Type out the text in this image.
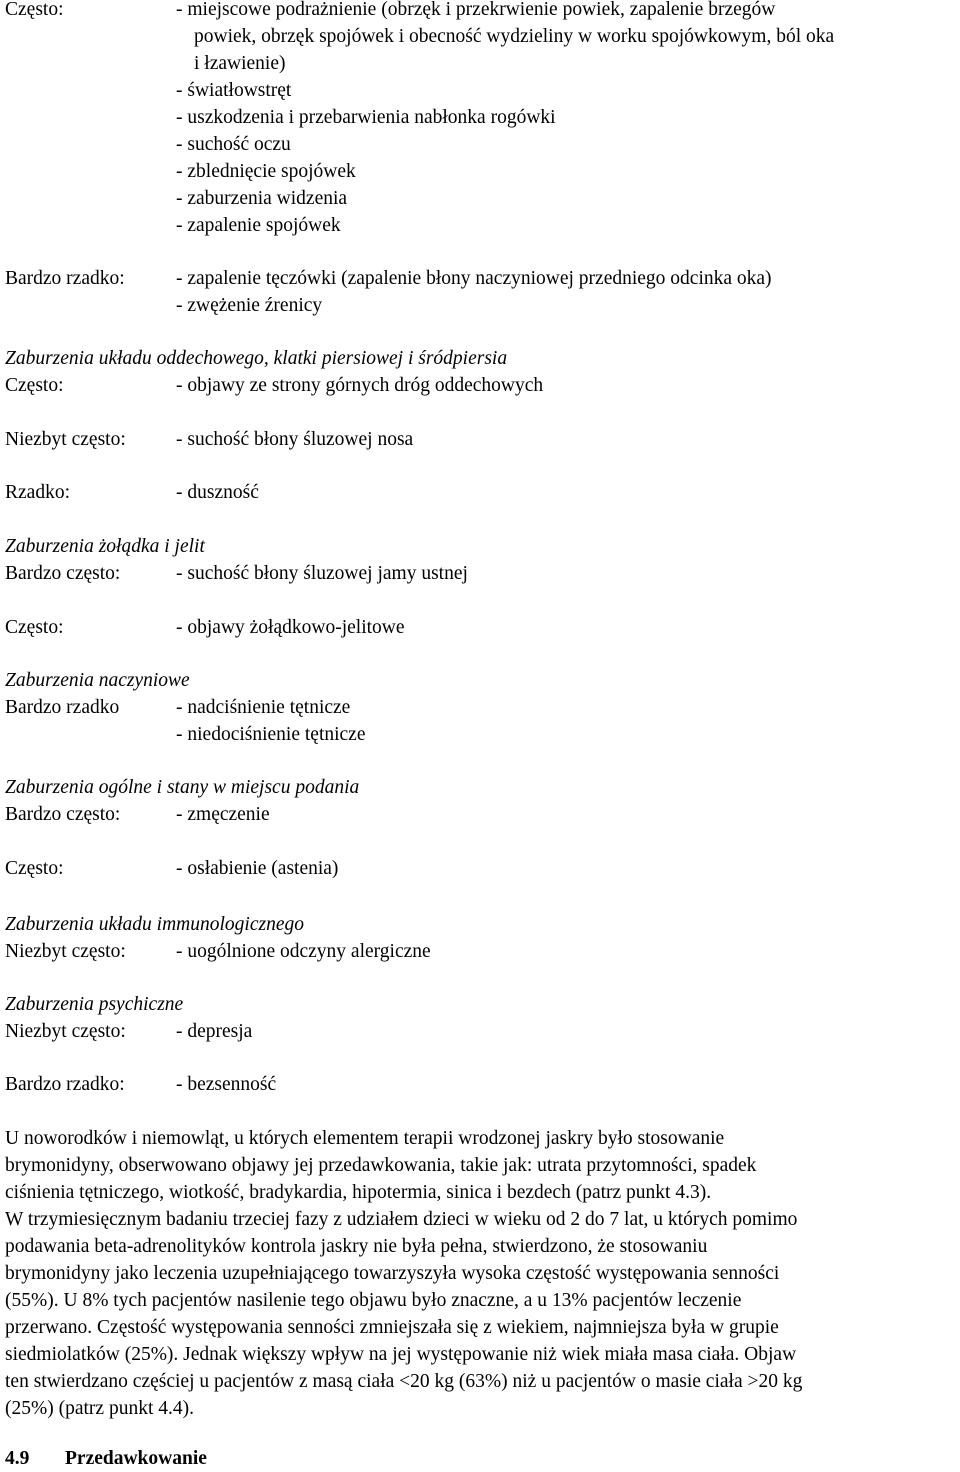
Często:	- miejscowe podrażnienie (obrzęk i przekrwienie powiek, zapalenie brzegów
powiek, obrzęk spojówek i obecność wydzieliny w worku spojówkowym, ból oka
i łzawienie)
- światłowstręt
- uszkodzenia i przebarwienia nabłonka rogówki
- suchość oczu
- zblednięcie spojówek
- zaburzenia widzenia
- zapalenie spojówek
Bardzo rzadko:	- zapalenie tęczówki (zapalenie błony naczyniowej przedniego odcinka oka)
- zwężenie źrenicy
Zaburzenia układu oddechowego, klatki piersiowej i śródpiersia
Często:	- objawy ze strony górnych dróg oddechowych
Niezbyt często:	- suchość błony śluzowej nosa
Rzadko:	- duszność
Zaburzenia żołądka i jelit
Bardzo często:	- suchość błony śluzowej jamy ustnej
Często:	- objawy żołądkowo-jelitowe
Zaburzenia naczyniowe
Bardzo rzadko	- nadciśnienie tętnicze
- niedociśnienie tętnicze
Zaburzenia ogólne i stany w miejscu podania
Bardzo często:	- zmęczenie
Często:	- osłabienie (astenia)
Zaburzenia układu immunologicznego
Niezbyt często:	- uogólnione odczyny alergiczne
Zaburzenia psychiczne
Niezbyt często:	- depresja
Bardzo rzadko:	- bezsenność
U noworodków i niemowląt, u których elementem terapii wrodzonej jaskry było stosowanie
brymonidyny, obserwowano objawy jej przedawkowania, takie jak: utrata przytomności, spadek
ciśnienia tętniczego, wiotkość, bradykardia, hipotermia, sinica i bezdech (patrz punkt 4.3).
W trzymiesięcznym badaniu trzeciej fazy z udziałem dzieci w wieku od 2 do 7 lat, u których pomimo
podawania beta-adrenolityków kontrola jaskry nie była pełna, stwierdzono, że stosowaniu
brymonidyny jako leczenia uzupełniającego towarzyszyła wysoka częstość występowania senności
(55%). U 8% tych pacjentów nasilenie tego objawu było znaczne, a u 13% pacjentów leczenie
przerwano. Częstość występowania senności zmniejszała się z wiekiem, najmniejsza była w grupie
siedmiolatków (25%). Jednak większy wpływ na jej występowanie niż wiek miała masa ciała. Objaw
ten stwierdzano częściej u pacjentów z masą ciała <20 kg (63%) niż u pacjentów o masie ciała >20 kg
(25%) (patrz punkt 4.4).
4.9 Przedawkowanie
